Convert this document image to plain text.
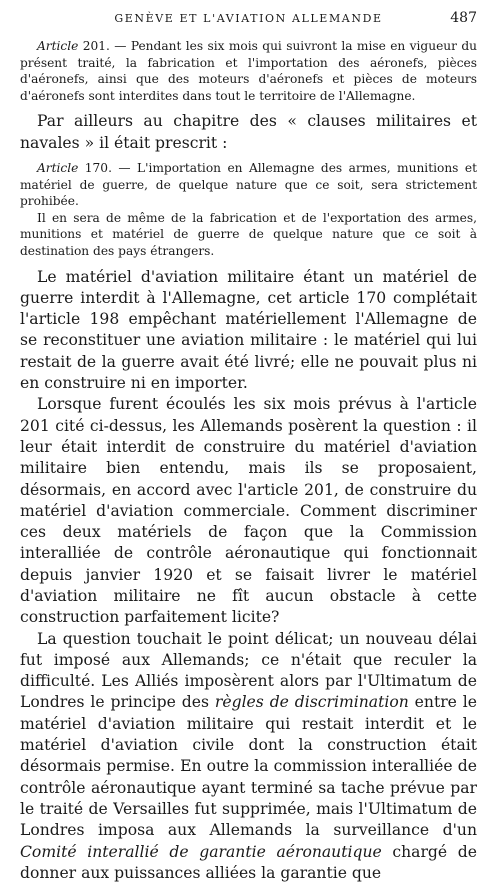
GENÈVE ET L'AVIATION ALLEMANDE	487

Article 201. — Pendant les six mois qui suivront la mise en vigueur du présent traité, la fabrication et l'importation des aéronefs, pièces d'aéronefs, ainsi que des moteurs d'aéronefs et pièces de moteurs d'aéronefs sont interdites dans tout le territoire de l'Allemagne.

Par ailleurs au chapitre des « clauses militaires et navales » il était prescrit :

Article 170. — L'importation en Allemagne des armes, munitions et matériel de guerre, de quelque nature que ce soit, sera strictement prohibée.

Il en sera de même de la fabrication et de l'exportation des armes, munitions et matériel de guerre de quelque nature que ce soit à destination des pays étrangers.

Le matériel d'aviation militaire étant un matériel de guerre interdit à l'Allemagne, cet article 170 complétait l'article 198 empêchant matériellement l'Allemagne de se reconstituer une aviation militaire : le matériel qui lui restait de la guerre avait été livré; elle ne pouvait plus ni en construire ni en importer.

Lorsque furent écoulés les six mois prévus à l'article 201 cité ci-dessus, les Allemands posèrent la question : il leur était interdit de construire du matériel d'aviation militaire bien entendu, mais ils se proposaient, désormais, en accord avec l'article 201, de construire du matériel d'aviation commerciale. Comment discriminer ces deux matériels de façon que la Commission interalliée de contrôle aéronautique qui fonctionnait depuis janvier 1920 et se faisait livrer le matériel d'aviation militaire ne fît aucun obstacle à cette construction parfaitement licite?

La question touchait le point délicat; un nouveau délai fut imposé aux Allemands; ce n'était que reculer la difficulté. Les Alliés imposèrent alors par l'Ultimatum de Londres le principe des règles de discrimination entre le matériel d'aviation militaire qui restait interdit et le matériel d'aviation civile dont la construction était désormais permise. En outre la commission interalliée de contrôle aéronautique ayant terminé sa tache prévue par le traité de Versailles fut supprimée, mais l'Ultimatum de Londres imposa aux Allemands la surveillance d'un Comité interallié de garantie aéronautique chargé de donner aux puissances alliées la garantie que
